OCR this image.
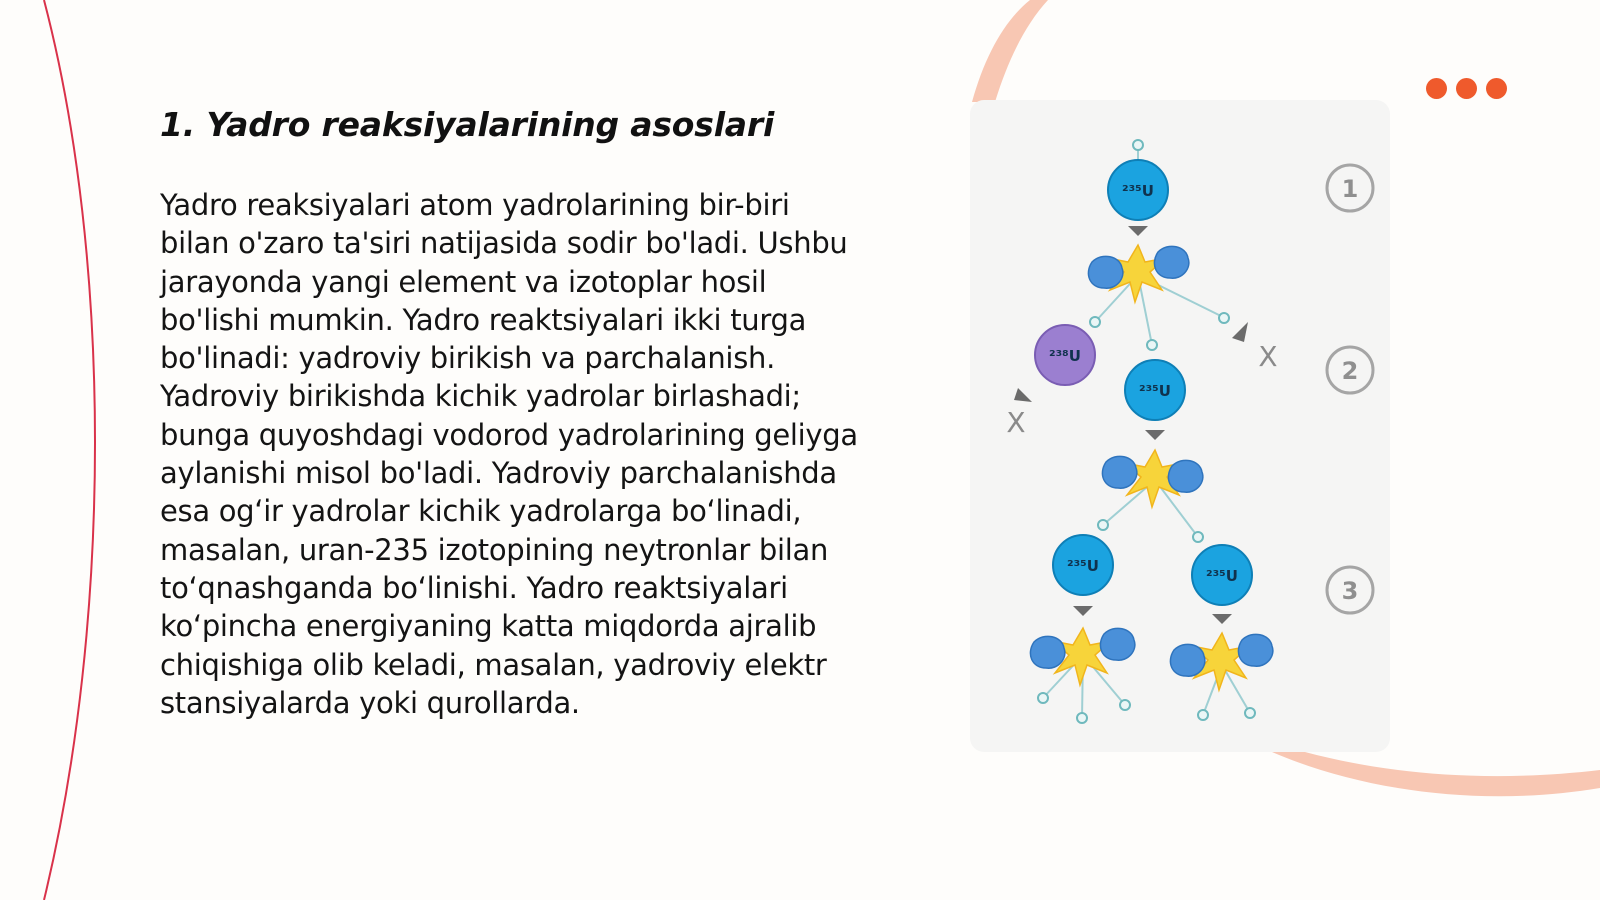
1. Yadro reaksiyalarining asoslari

Yadro reaksiyalari atom yadrolarining bir-biri bilan o'zaro ta'siri natijasida sodir bo'ladi. Ushbu jarayonda yangi element va izotoplar hosil bo'lishi mumkin. Yadro reaktsiyalari ikki turga bo'linadi: yadroviy birikish va parchalanish. Yadroviy birikishda kichik yadrolar birlashadi; bunga quyoshdagi vodorod yadrolarining geliyga aylanishi misol bo'ladi. Yadroviy parchalanishda esa og‘ir yadrolar kichik yadrolarga bo‘linadi, masalan, uran-235 izotopining neytronlar bilan to‘qnashganda bo‘linishi. Yadro reaktsiyalari ko‘pincha energiyaning katta miqdorda ajralib chiqishiga olib keladi, masalan, yadroviy elektr stansiyalarda yoki qurollarda.

²³⁵U
²³⁸U
²³⁵U
²³⁵U
²³⁵U
X
X
1
2
3
